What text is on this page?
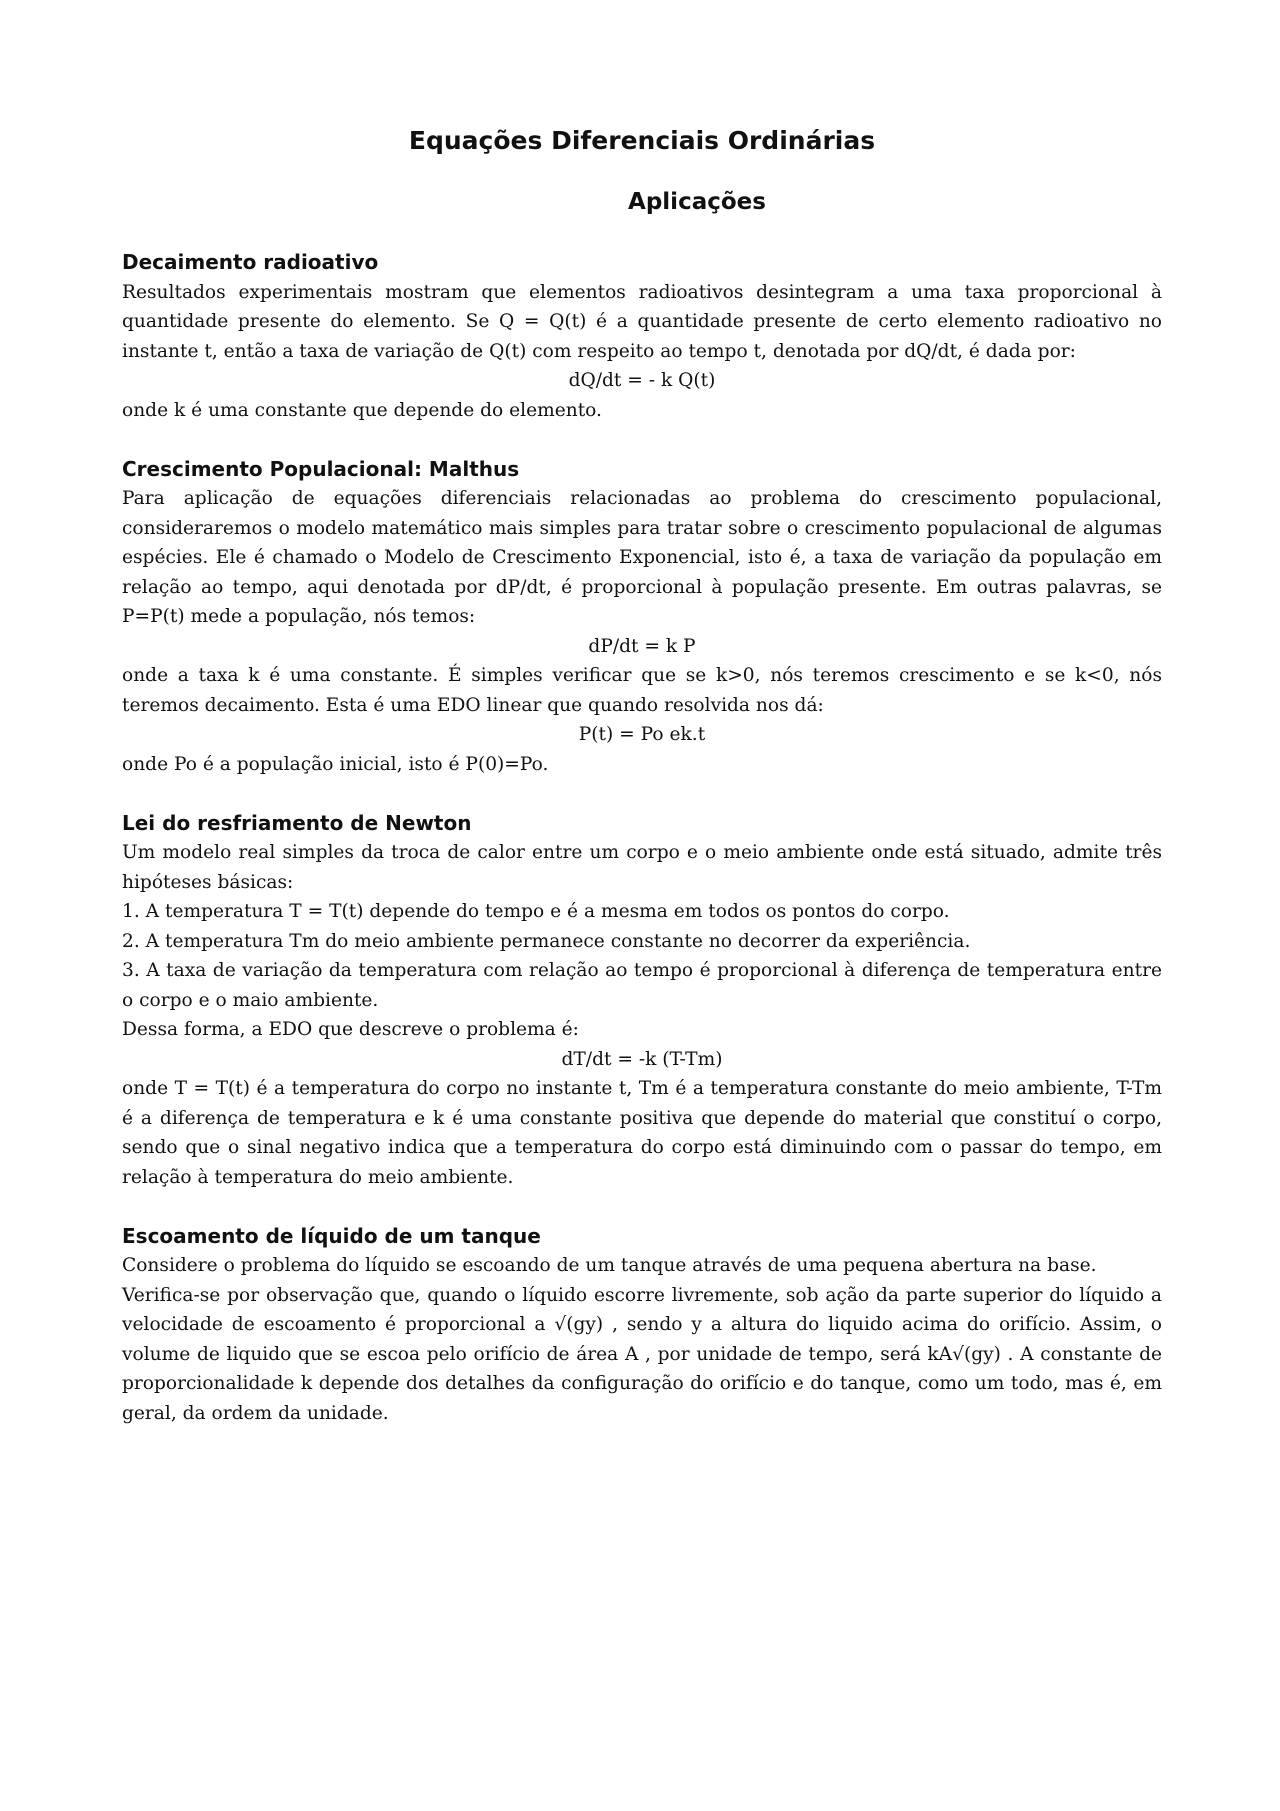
Equações Diferenciais Ordinárias
Aplicações
Decaimento radioativo

Resultados experimentais mostram que elementos radioativos desintegram a uma taxa proporcional à quantidade presente do elemento. Se Q = Q(t) é a quantidade presente de certo elemento radioativo no instante t, então a taxa de variação de Q(t) com respeito ao tempo t, denotada por dQ/dt, é dada por:

dQ/dt = - k Q(t)

onde k é uma constante que depende do elemento.

Crescimento Populacional: Malthus

Para aplicação de equações diferenciais relacionadas ao problema do crescimento populacional, consideraremos o modelo matemático mais simples para tratar sobre o crescimento populacional de algumas espécies. Ele é chamado o Modelo de Crescimento Exponencial, isto é, a taxa de variação da população em relação ao tempo, aqui denotada por dP/dt, é proporcional à população presente. Em outras palavras, se P=P(t) mede a população, nós temos:

dP/dt = k P

onde a taxa k é uma constante. É simples verificar que se k>0, nós teremos crescimento e se k<0, nós teremos decaimento. Esta é uma EDO linear que quando resolvida nos dá:

P(t) = Po ek.t

onde Po é a população inicial, isto é P(0)=Po.

Lei do resfriamento de Newton

Um modelo real simples da troca de calor entre um corpo e o meio ambiente onde está situado, admite três hipóteses básicas:

1. A temperatura T = T(t) depende do tempo e é a mesma em todos os pontos do corpo.

2. A temperatura Tm do meio ambiente permanece constante no decorrer da experiência.

3. A taxa de variação da temperatura com relação ao tempo é proporcional à diferença de temperatura entre o corpo e o maio ambiente.

Dessa forma, a EDO que descreve o problema é:

dT/dt = -k (T-Tm)

onde T = T(t) é a temperatura do corpo no instante t, Tm é a temperatura constante do meio ambiente, T-Tm é a diferença de temperatura e k é uma constante positiva que depende do material que constituí o corpo, sendo que o sinal negativo indica que a temperatura do corpo está diminuindo com o passar do tempo, em relação à temperatura do meio ambiente.

Escoamento de líquido de um tanque

Considere o problema do líquido se escoando de um tanque através de uma pequena abertura na base.

Verifica-se por observação que, quando o líquido escorre livremente, sob ação da parte superior do líquido a velocidade de escoamento é proporcional a √(gy) , sendo y a altura do liquido acima do orifício. Assim, o volume de liquido que se escoa pelo orifício de área A , por unidade de tempo, será kA√(gy) . A constante de proporcionalidade k depende dos detalhes da configuração do orifício e do tanque, como um todo, mas é, em geral, da ordem da unidade.
